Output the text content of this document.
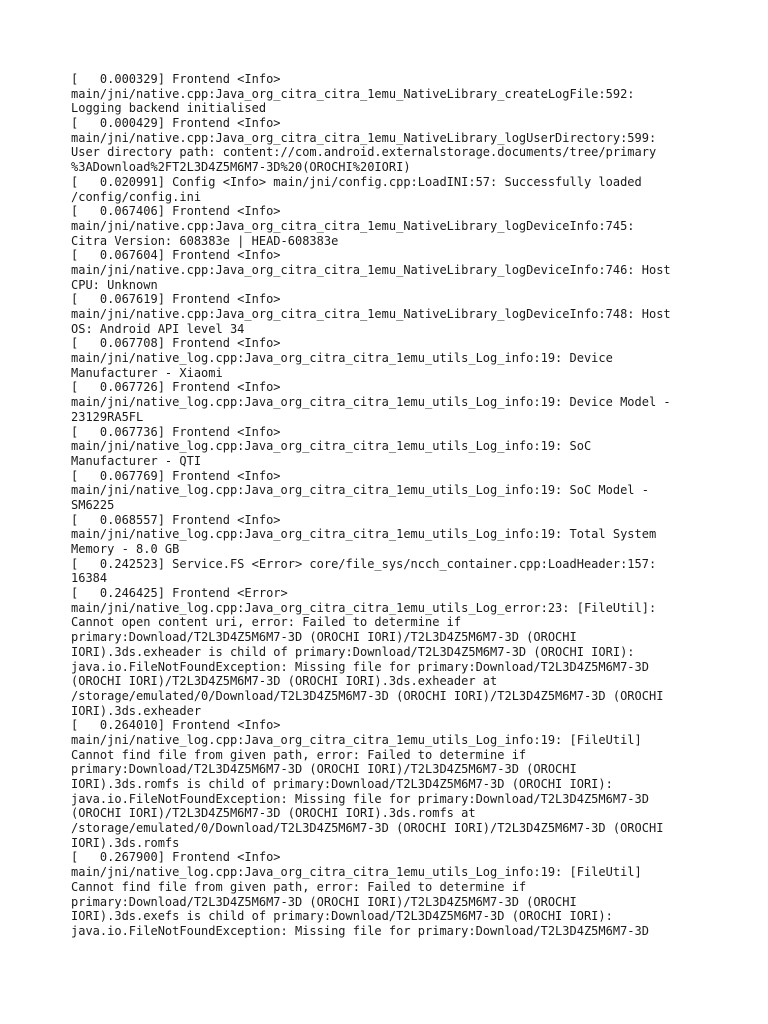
[   0.000329] Frontend <Info>
main/jni/native.cpp:Java_org_citra_citra_1emu_NativeLibrary_createLogFile:592:
Logging backend initialised
[   0.000429] Frontend <Info>
main/jni/native.cpp:Java_org_citra_citra_1emu_NativeLibrary_logUserDirectory:599:
User directory path: content://com.android.externalstorage.documents/tree/primary
%3ADownload%2FT2L3D4Z5M6M7-3D%20(OROCHI%20IORI)
[   0.020991] Config <Info> main/jni/config.cpp:LoadINI:57: Successfully loaded
/config/config.ini
[   0.067406] Frontend <Info>
main/jni/native.cpp:Java_org_citra_citra_1emu_NativeLibrary_logDeviceInfo:745:
Citra Version: 608383e | HEAD-608383e
[   0.067604] Frontend <Info>
main/jni/native.cpp:Java_org_citra_citra_1emu_NativeLibrary_logDeviceInfo:746: Host
CPU: Unknown
[   0.067619] Frontend <Info>
main/jni/native.cpp:Java_org_citra_citra_1emu_NativeLibrary_logDeviceInfo:748: Host
OS: Android API level 34
[   0.067708] Frontend <Info>
main/jni/native_log.cpp:Java_org_citra_citra_1emu_utils_Log_info:19: Device
Manufacturer - Xiaomi
[   0.067726] Frontend <Info>
main/jni/native_log.cpp:Java_org_citra_citra_1emu_utils_Log_info:19: Device Model -
23129RA5FL
[   0.067736] Frontend <Info>
main/jni/native_log.cpp:Java_org_citra_citra_1emu_utils_Log_info:19: SoC
Manufacturer - QTI
[   0.067769] Frontend <Info>
main/jni/native_log.cpp:Java_org_citra_citra_1emu_utils_Log_info:19: SoC Model -
SM6225
[   0.068557] Frontend <Info>
main/jni/native_log.cpp:Java_org_citra_citra_1emu_utils_Log_info:19: Total System
Memory - 8.0 GB
[   0.242523] Service.FS <Error> core/file_sys/ncch_container.cpp:LoadHeader:157:
16384
[   0.246425] Frontend <Error>
main/jni/native_log.cpp:Java_org_citra_citra_1emu_utils_Log_error:23: [FileUtil]:
Cannot open content uri, error: Failed to determine if
primary:Download/T2L3D4Z5M6M7-3D (OROCHI IORI)/T2L3D4Z5M6M7-3D (OROCHI
IORI).3ds.exheader is child of primary:Download/T2L3D4Z5M6M7-3D (OROCHI IORI):
java.io.FileNotFoundException: Missing file for primary:Download/T2L3D4Z5M6M7-3D
(OROCHI IORI)/T2L3D4Z5M6M7-3D (OROCHI IORI).3ds.exheader at
/storage/emulated/0/Download/T2L3D4Z5M6M7-3D (OROCHI IORI)/T2L3D4Z5M6M7-3D (OROCHI
IORI).3ds.exheader
[   0.264010] Frontend <Info>
main/jni/native_log.cpp:Java_org_citra_citra_1emu_utils_Log_info:19: [FileUtil]
Cannot find file from given path, error: Failed to determine if
primary:Download/T2L3D4Z5M6M7-3D (OROCHI IORI)/T2L3D4Z5M6M7-3D (OROCHI
IORI).3ds.romfs is child of primary:Download/T2L3D4Z5M6M7-3D (OROCHI IORI):
java.io.FileNotFoundException: Missing file for primary:Download/T2L3D4Z5M6M7-3D
(OROCHI IORI)/T2L3D4Z5M6M7-3D (OROCHI IORI).3ds.romfs at
/storage/emulated/0/Download/T2L3D4Z5M6M7-3D (OROCHI IORI)/T2L3D4Z5M6M7-3D (OROCHI
IORI).3ds.romfs
[   0.267900] Frontend <Info>
main/jni/native_log.cpp:Java_org_citra_citra_1emu_utils_Log_info:19: [FileUtil]
Cannot find file from given path, error: Failed to determine if
primary:Download/T2L3D4Z5M6M7-3D (OROCHI IORI)/T2L3D4Z5M6M7-3D (OROCHI
IORI).3ds.exefs is child of primary:Download/T2L3D4Z5M6M7-3D (OROCHI IORI):
java.io.FileNotFoundException: Missing file for primary:Download/T2L3D4Z5M6M7-3D
